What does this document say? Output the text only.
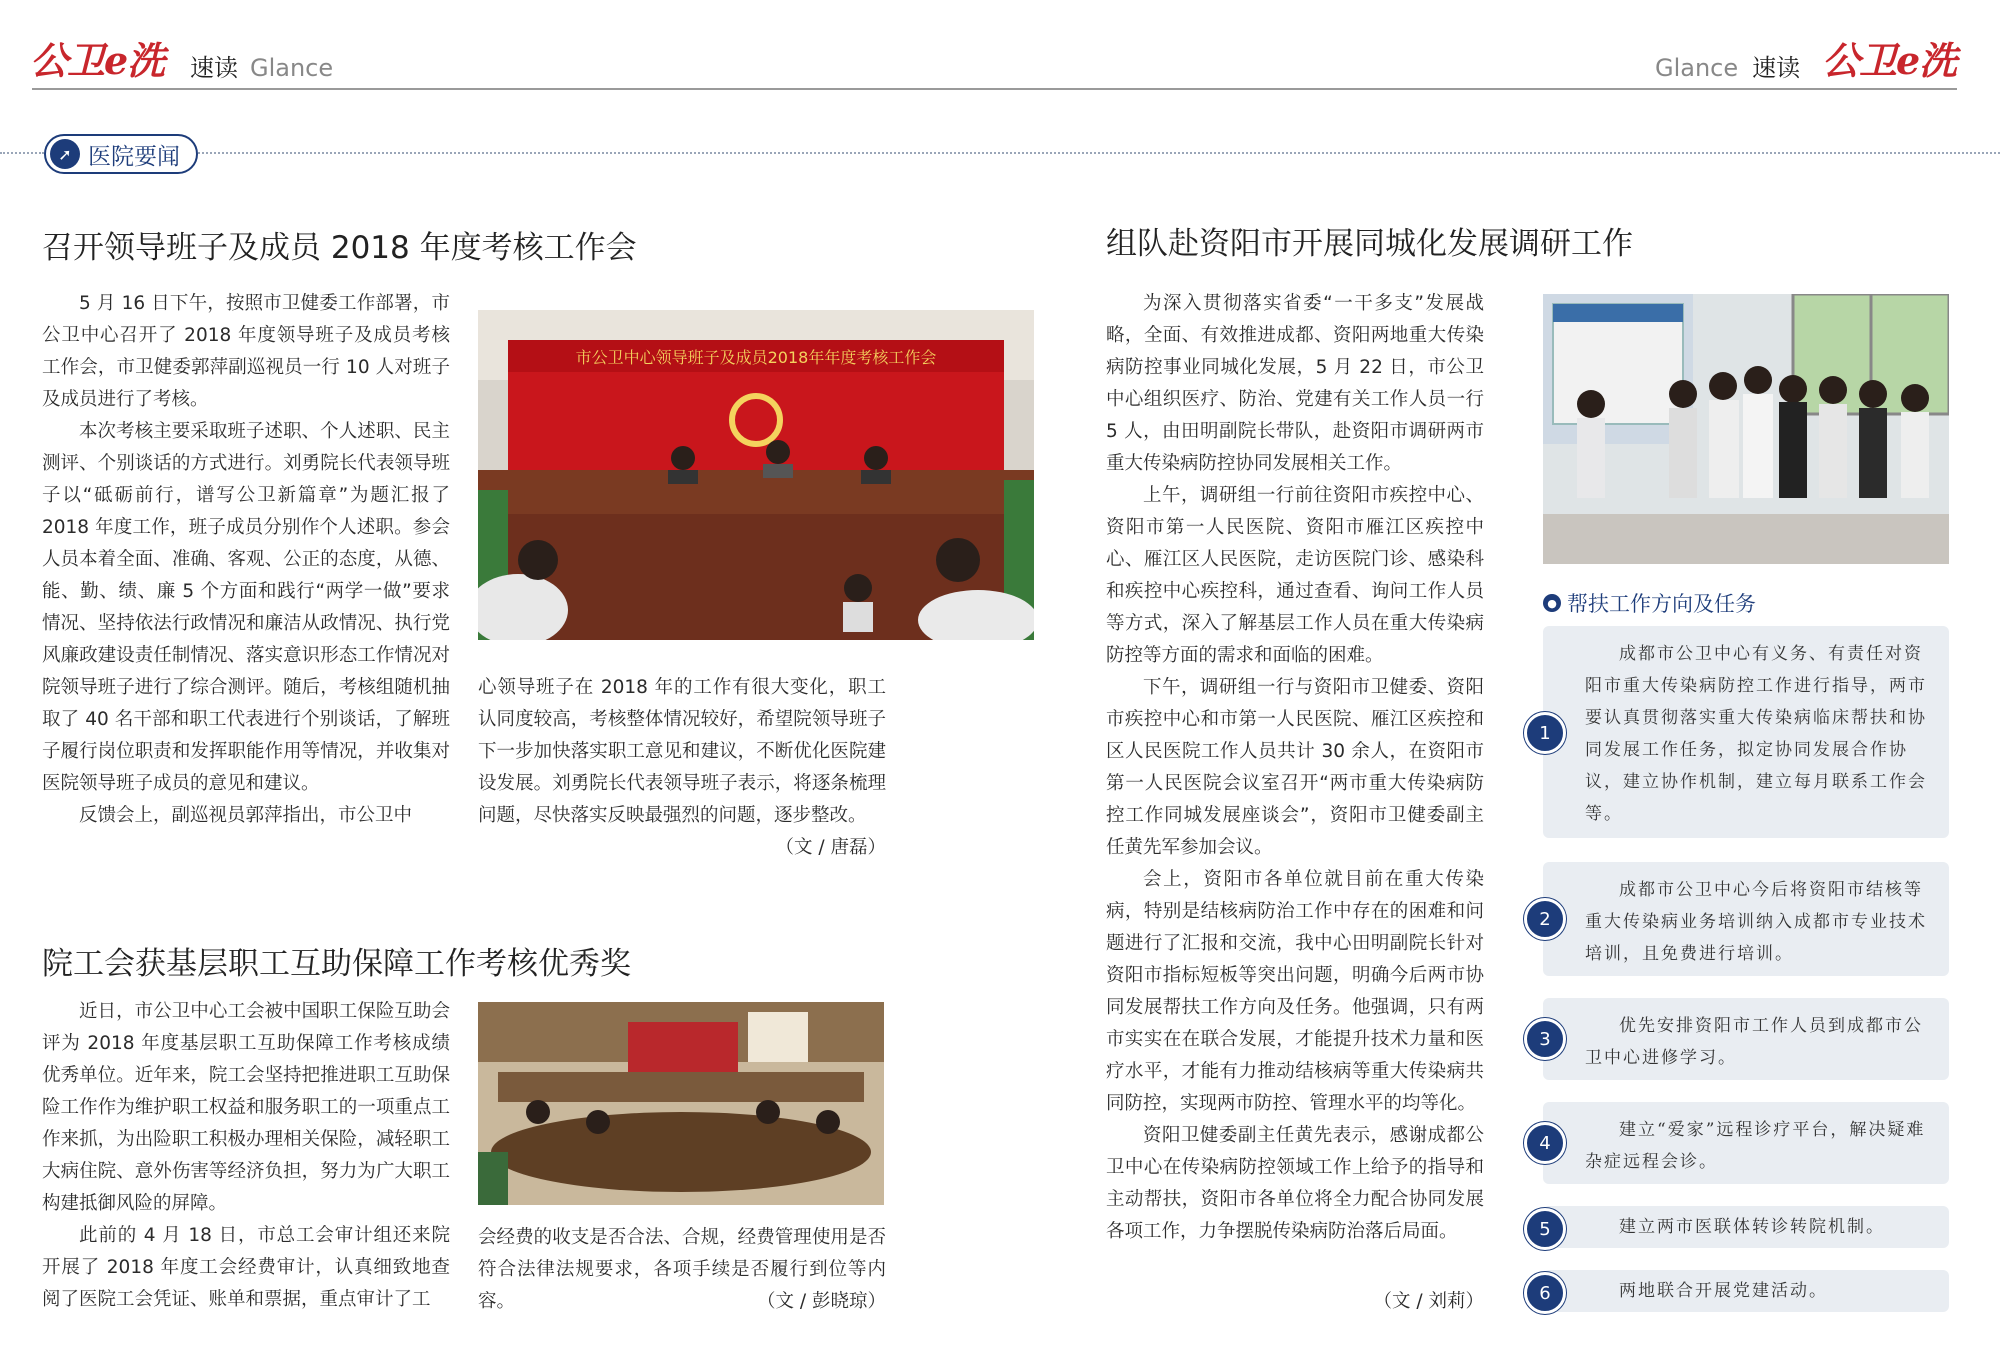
公卫e洗 速读 Glance	Glance 速读 公卫e洗
➚ 医院要闻
召开领导班子及成员 2018 年度考核工作会

5 月 16 日下午，按照市卫健委工作部署，市公卫中心召开了 2018 年度领导班子及成员考核工作会，市卫健委郭萍副巡视员一行 10 人对班子及成员进行了考核。

本次考核主要采取班子述职、个人述职、民主测评、个别谈话的方式进行。刘勇院长代表领导班子以“砥砺前行，谱写公卫新篇章”为题汇报了 2018 年度工作，班子成员分别作个人述职。参会人员本着全面、准确、客观、公正的态度，从德、能、勤、绩、廉 5 个方面和践行“两学一做”要求情况、坚持依法行政情况和廉洁从政情况、执行党风廉政建设责任制情况、落实意识形态工作情况对院领导班子进行了综合测评。随后，考核组随机抽取了 40 名干部和职工代表进行个别谈话，了解班子履行岗位职责和发挥职能作用等情况，并收集对医院领导班子成员的意见和建议。

反馈会上，副巡视员郭萍指出，市公卫中

市公卫中心领导班子及成员2018年年度考核工作会

心领导班子在 2018 年的工作有很大变化，职工认同度较高，考核整体情况较好，希望院领导班子下一步加快落实职工意见和建议，不断优化医院建设发展。刘勇院长代表领导班子表示，将逐条梳理问题，尽快落实反映最强烈的问题，逐步整改。

（文 / 唐磊）
院工会获基层职工互助保障工作考核优秀奖

近日，市公卫中心工会被中国职工保险互助会评为 2018 年度基层职工互助保障工作考核成绩优秀单位。近年来，院工会坚持把推进职工互助保险工作作为维护职工权益和服务职工的一项重点工作来抓，为出险职工积极办理相关保险，减轻职工大病住院、意外伤害等经济负担，努力为广大职工构建抵御风险的屏障。

此前的 4 月 18 日，市总工会审计组还来院开展了 2018 年度工会经费审计，认真细致地查阅了医院工会凭证、账单和票据，重点审计了工

会经费的收支是否合法、合规，经费管理使用是否符合法律法规要求，各项手续是否履行到位等内容。	（文 / 彭晓琼）
组队赴资阳市开展同城化发展调研工作

为深入贯彻落实省委“一干多支”发展战略，全面、有效推进成都、资阳两地重大传染病防控事业同城化发展，5 月 22 日，市公卫中心组织医疗、防治、党建有关工作人员一行 5 人，由田明副院长带队，赴资阳市调研两市重大传染病防控协同发展相关工作。

上午，调研组一行前往资阳市疾控中心、资阳市第一人民医院、资阳市雁江区疾控中心、雁江区人民医院，走访医院门诊、感染科和疾控中心疾控科，通过查看、询问工作人员等方式，深入了解基层工作人员在重大传染病防控等方面的需求和面临的困难。

下午，调研组一行与资阳市卫健委、资阳市疾控中心和市第一人民医院、雁江区疾控和区人民医院工作人员共计 30 余人，在资阳市第一人民医院会议室召开“两市重大传染病防控工作同城发展座谈会”，资阳市卫健委副主任黄先军参加会议。

会上，资阳市各单位就目前在重大传染病，特别是结核病防治工作中存在的困难和问题进行了汇报和交流，我中心田明副院长针对资阳市指标短板等突出问题，明确今后两市协同发展帮扶工作方向及任务。他强调，只有两市实实在在联合发展，才能提升技术力量和医疗水平，才能有力推动结核病等重大传染病共同防控，实现两市防控、管理水平的均等化。

资阳卫健委副主任黄先表示，感谢成都公卫中心在传染病防控领域工作上给予的指导和主动帮扶，资阳市各单位将全力配合协同发展各项工作，力争摆脱传染病防治落后局面。

（文 / 刘莉）
● 帮扶工作方向及任务
成都市公卫中心有义务、有责任对资阳市重大传染病防控工作进行指导，两市要认真贯彻落实重大传染病临床帮扶和协同发展工作任务，拟定协同发展合作协议，建立协作机制，建立每月联系工作会等。
1
成都市公卫中心今后将资阳市结核等重大传染病业务培训纳入成都市专业技术培训，且免费进行培训。
2
优先安排资阳市工作人员到成都市公卫中心进修学习。
3
建立“爱家”远程诊疗平台，解决疑难杂症远程会诊。
4
建立两市医联体转诊转院机制。
5
两地联合开展党建活动。
6
